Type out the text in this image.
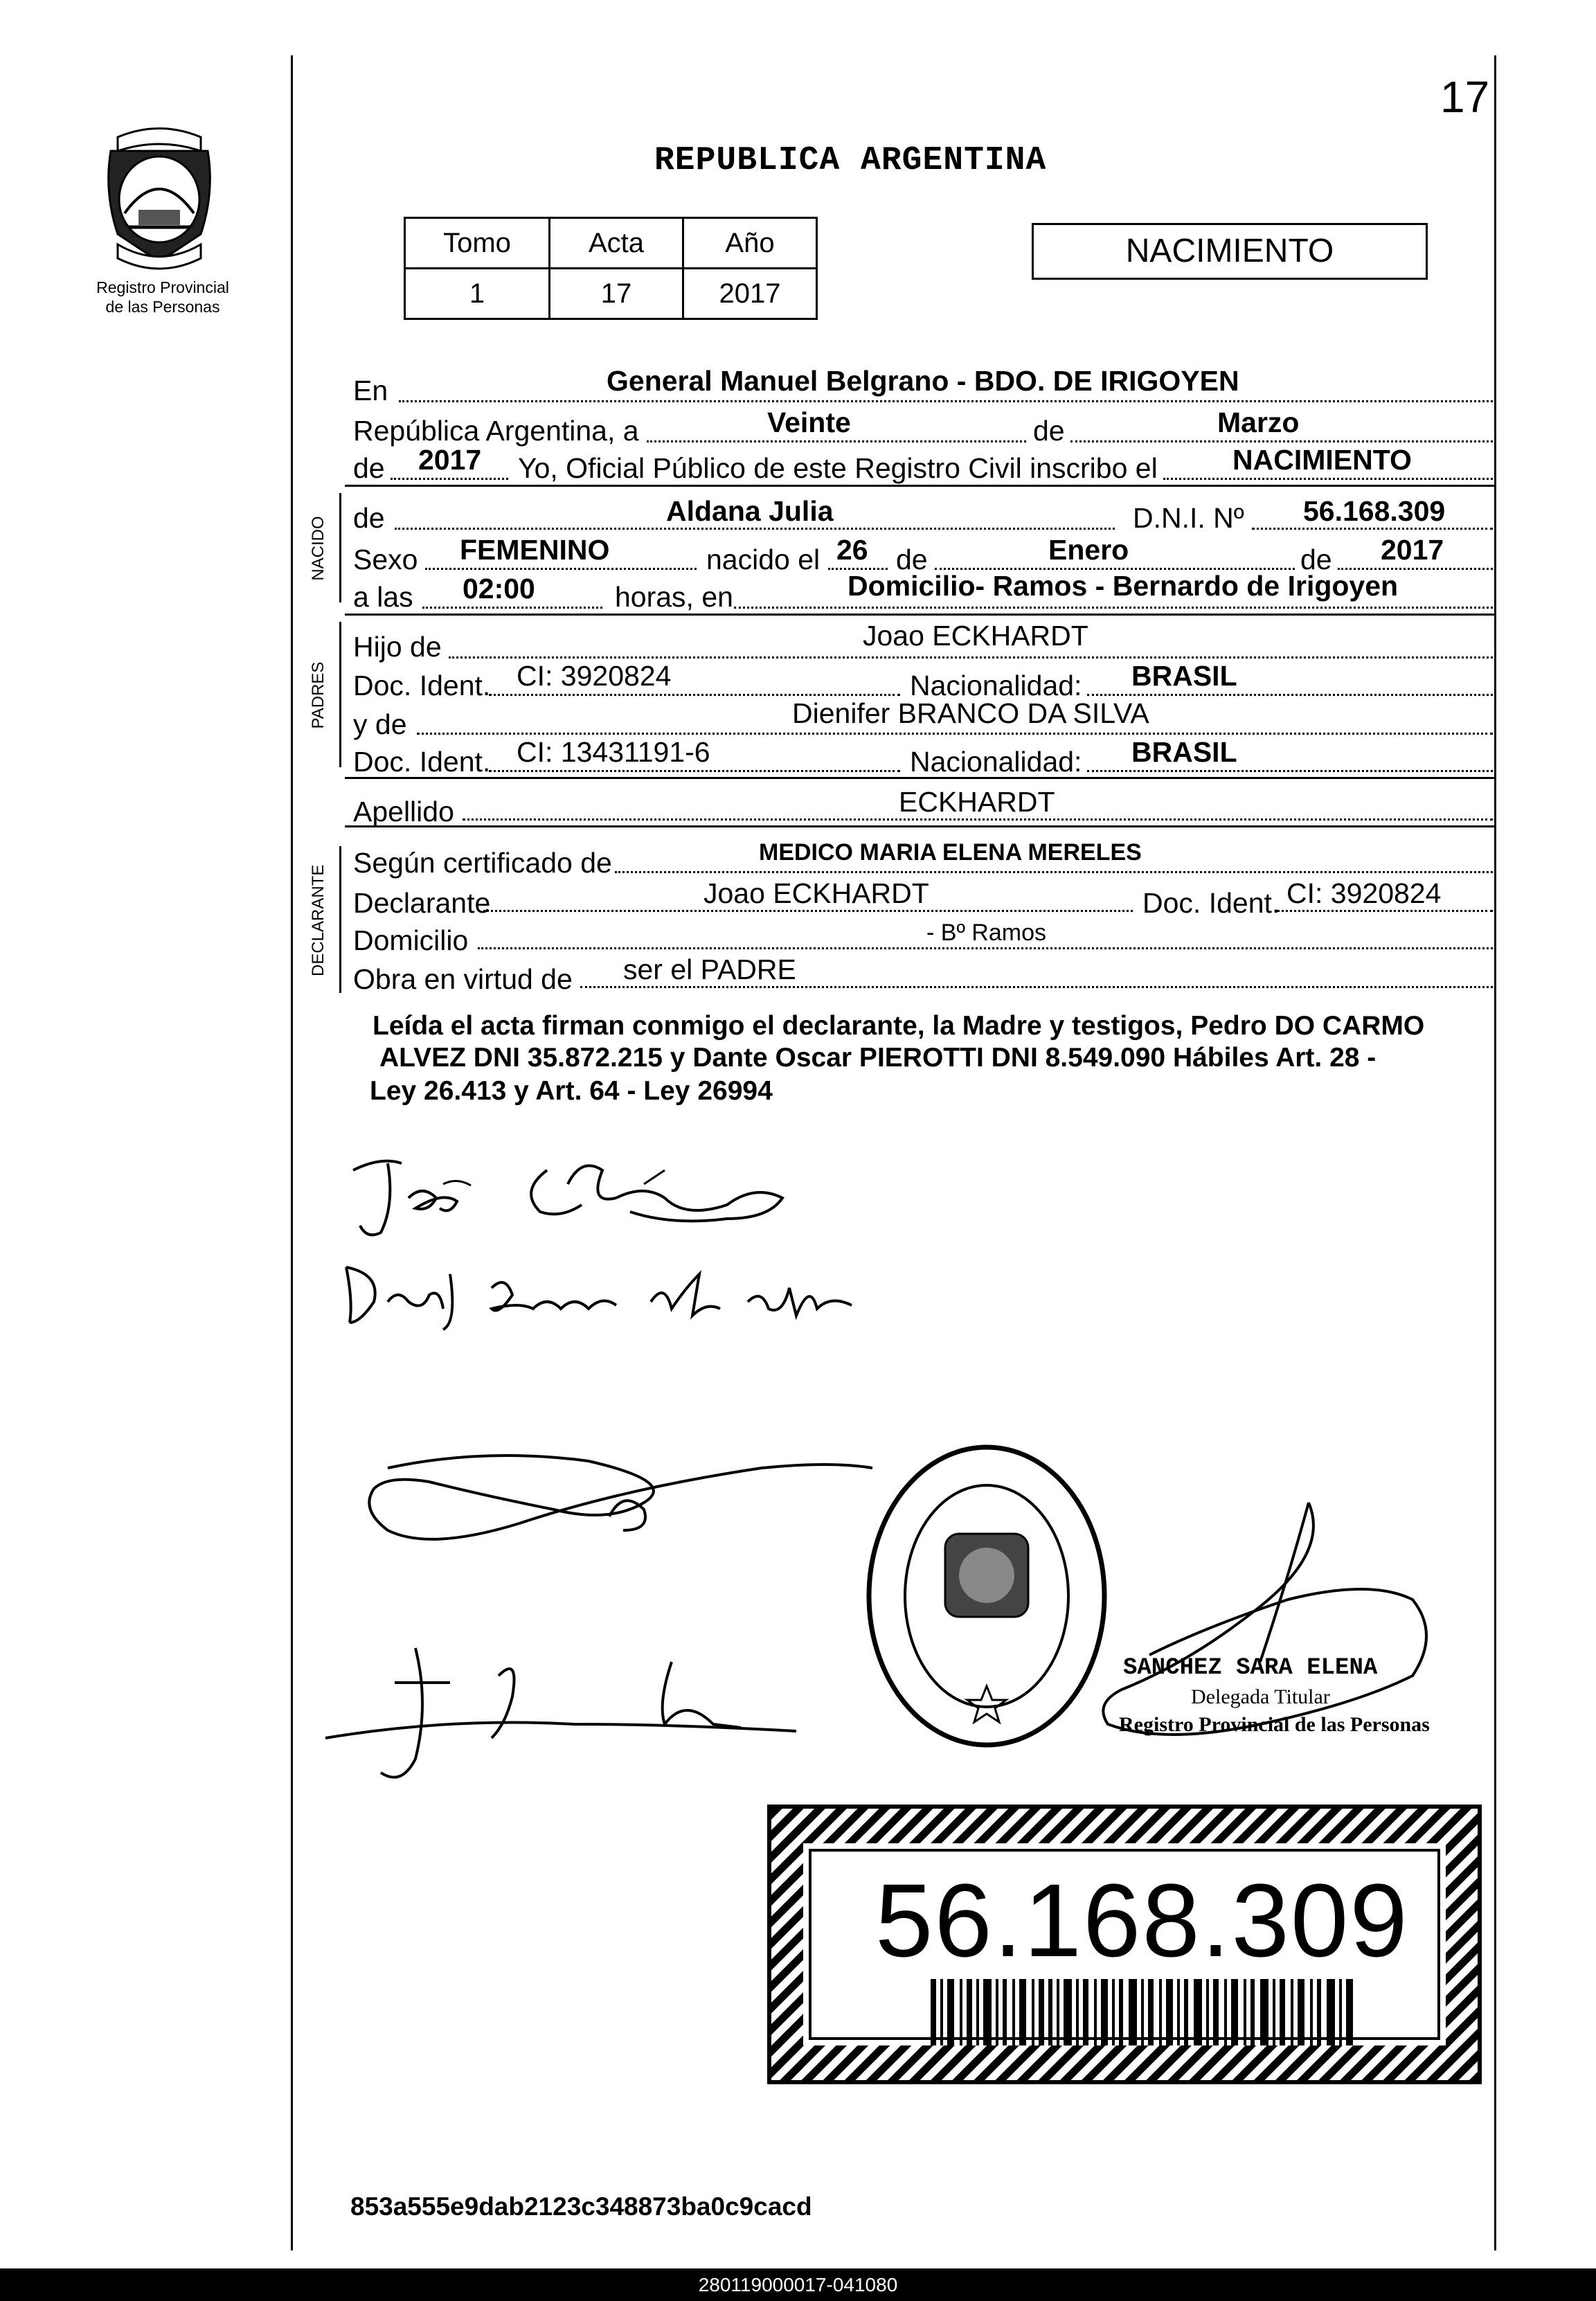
Registro Provincial
de las Personas
17
REPUBLICA ARGENTINA
Tomo	Acta	Año
1	17	2017
NACIMIENTO
En	General Manuel Belgrano - BDO. DE IRIGOYEN
República Argentina, a	Veinte	de	Marzo
de 2017 Yo, Oficial Público de este Registro Civil inscribo el	NACIMIENTO
NACIDO de	Aldana Julia	D.N.I. Nº 56.168.309
Sexo FEMENINO	nacido el 26 de	Enero	de 2017
a las 02:00	horas, en	Domicilio- Ramos - Bernardo de Irigoyen
PADRES
Hijo de	Joao ECKHARDT
Doc. Ident. CI: 3920824	Nacionalidad: BRASIL
y de	Dienifer BRANCO DA SILVA
Doc. Ident. CI: 13431191-6	Nacionalidad: BRASIL
Apellido	ECKHARDT
DECLARANTE
Según certificado de	MEDICO MARIA ELENA MERELES
Declarante	Joao ECKHARDT	Doc. Ident. CI: 3920824
Domicilio	- Bº Ramos
Obra en virtud de ser el PADRE
Leída el acta firman conmigo el declarante, la Madre y testigos, Pedro DO CARMO
ALVEZ DNI 35.872.215 y Dante Oscar PIEROTTI DNI 8.549.090 Hábiles Art. 28 -
Ley 26.413 y Art. 64 - Ley 26994
SANCHEZ SARA ELENA
Delegada Titular
Registro Provincial de las Personas
56.168.309
853a555e9dab2123c348873ba0c9cacd
280119000017-041080
